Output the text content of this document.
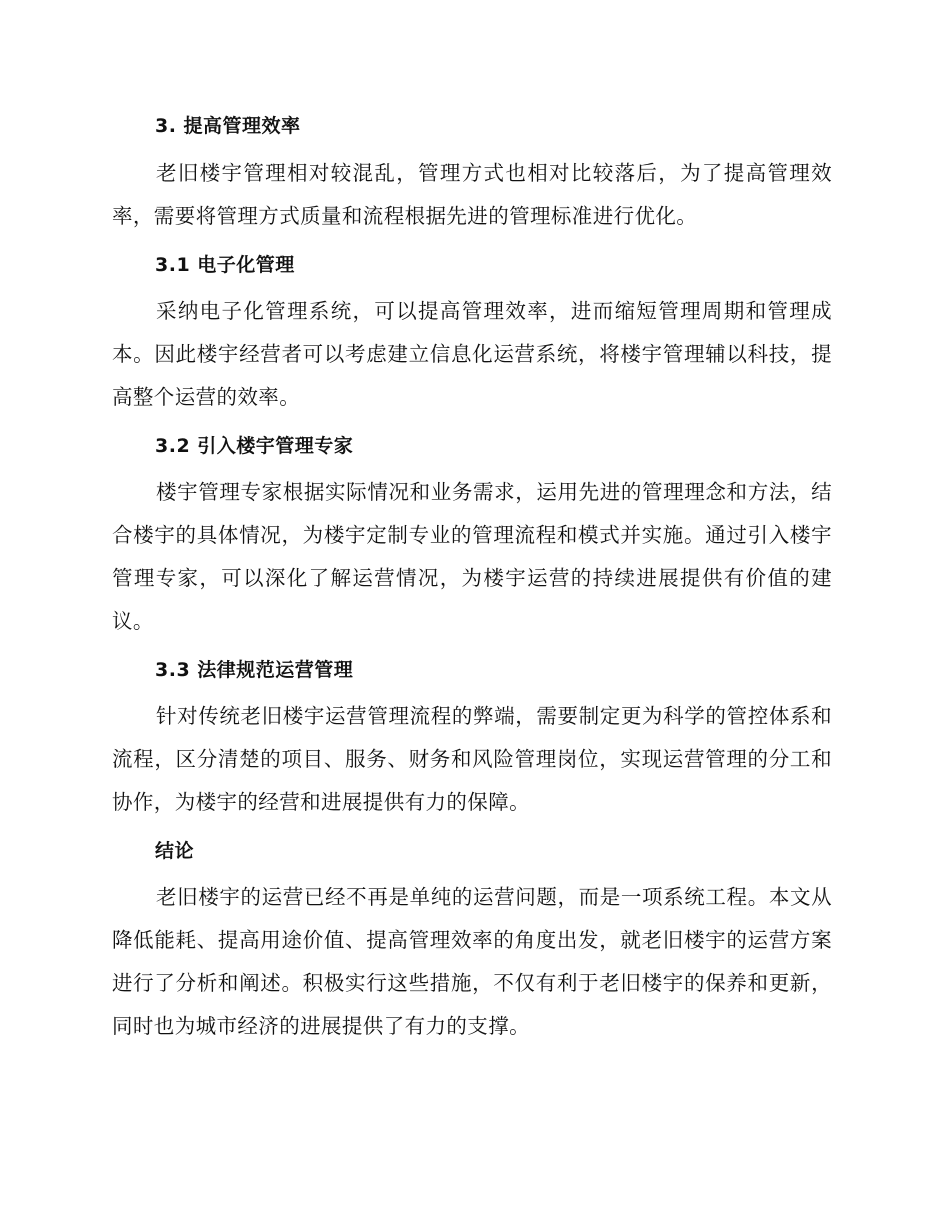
3. 提高管理效率

老旧楼宇管理相对较混乱，管理方式也相对比较落后，为了提高管理效率，需要将管理方式质量和流程根据先进的管理标准进行优化。

3.1 电子化管理

采纳电子化管理系统，可以提高管理效率，进而缩短管理周期和管理成本。因此楼宇经营者可以考虑建立信息化运营系统，将楼宇管理辅以科技，提高整个运营的效率。

3.2 引入楼宇管理专家

楼宇管理专家根据实际情况和业务需求，运用先进的管理理念和方法，结合楼宇的具体情况，为楼宇定制专业的管理流程和模式并实施。通过引入楼宇管理专家，可以深化了解运营情况，为楼宇运营的持续进展提供有价值的建议。

3.3 法律规范运营管理

针对传统老旧楼宇运营管理流程的弊端，需要制定更为科学的管控体系和流程，区分清楚的项目、服务、财务和风险管理岗位，实现运营管理的分工和协作，为楼宇的经营和进展提供有力的保障。

结论

老旧楼宇的运营已经不再是单纯的运营问题，而是一项系统工程。本文从降低能耗、提高用途价值、提高管理效率的角度出发，就老旧楼宇的运营方案进行了分析和阐述。积极实行这些措施，不仅有利于老旧楼宇的保养和更新，同时也为城市经济的进展提供了有力的支撑。
